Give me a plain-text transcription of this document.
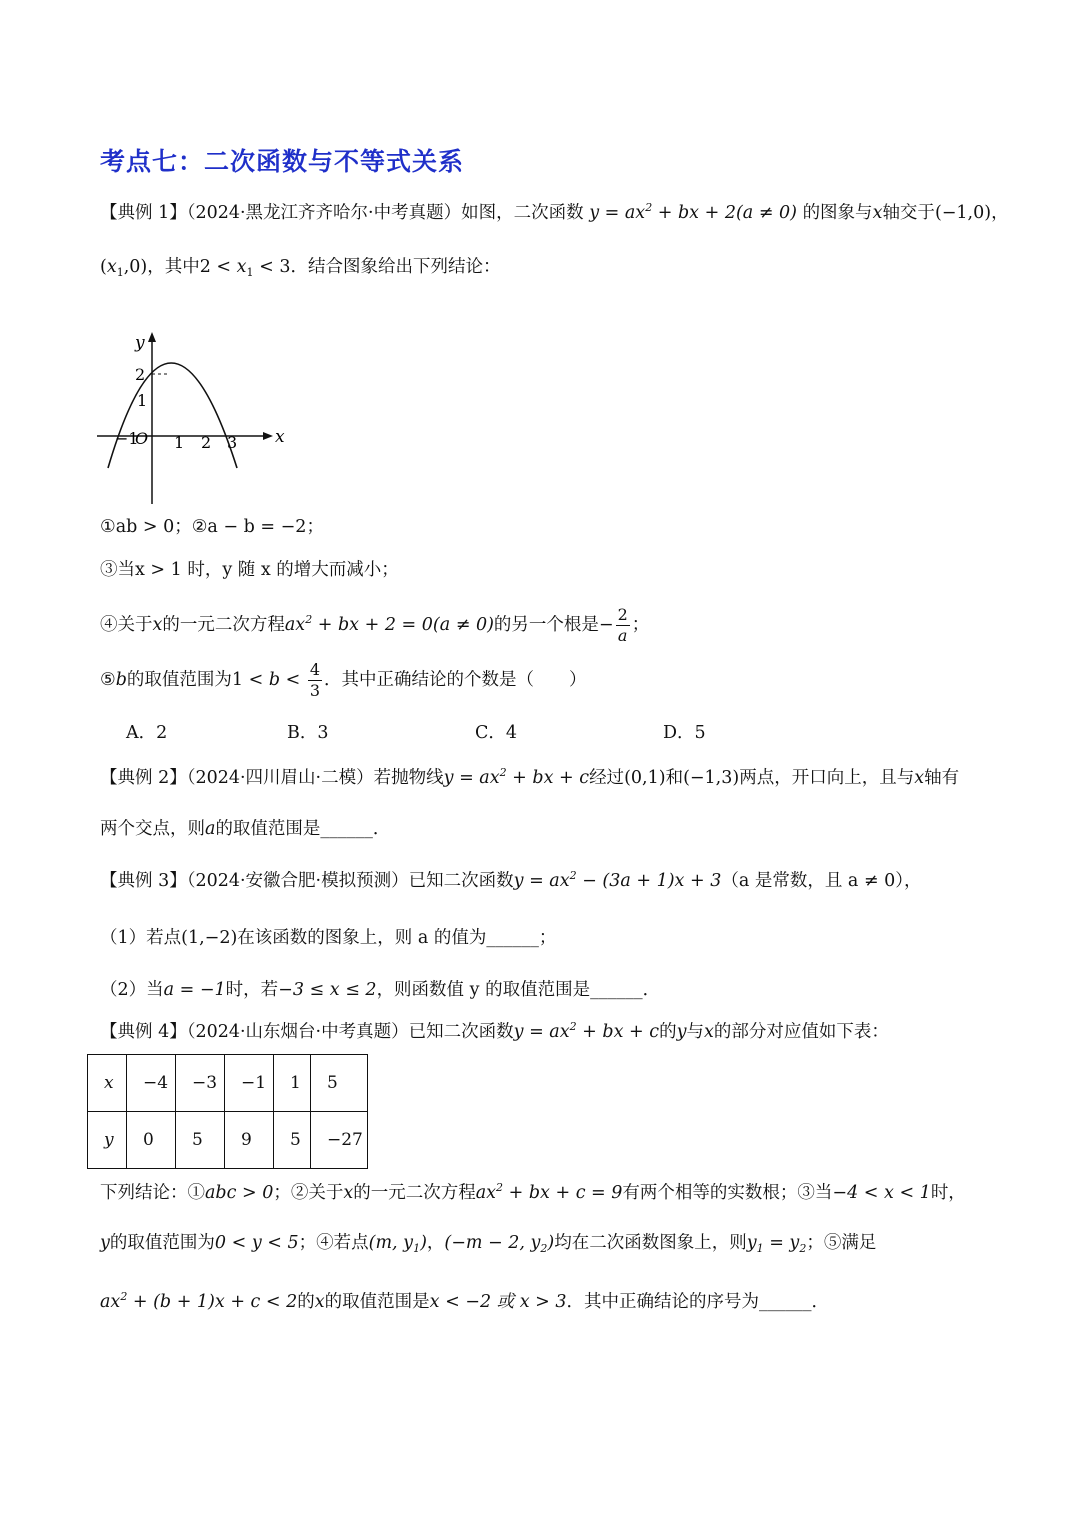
考点七：二次函数与不等式关系
【典例 1】（2024·黑龙江齐齐哈尔·中考真题）如图，二次函数 $y = ax^2$ + bx + 2(a ≠ 0) 的图象与x轴交于(−1,0)，
$(x_1,0)$，其中$2 < x_1 < 3$．结合图象给出下列结论：
y
x
2
1
−1
O 1 2 3
①ab > 0；②a − b = −2；
③当x > 1 时，y 随 x 的增大而减小；
④关于x的一元二次方程$ax^2$ + bx + 2 = 0(a ≠ 0)的另一个根是− $\frac{2}{a}$ ；
⑤b的取值范围为$1 < b < \frac{4}{3}$ ．其中正确结论的个数是（　　）
A．2	B．3	C．4	D．5
【典例 2】（2024·四川眉山·二模）若抛物线$y = ax^2$ + bx + c经过(0,1)和(−1,3)两点，开口向上，且与x轴有
两个交点，则a的取值范围是______．
【典例 3】（2024·安徽合肥·模拟预测）已知二次函数$y = ax^2 - (3a + 1)x + 3(a$ 是常数，且 a ≠ 0），
（1）若点(1,−2)在该函数的图象上，则 a 的值为______；
（2）当a = −1时，若−3 ≤ x ≤ 2，则函数值 y 的取值范围是______．
【典例 4】（2024·山东烟台·中考真题）已知二次函数$y = ax^2$ + bx + c的y与x的部分对应值如下表：
x	−4	−3	−1	1	5
y	0	5	9	5	−27
下列结论：①abc > 0；②关于x的一元二次方程$ax^2$ + bx + c = 9有两个相等的实数根；③当−4 < x < 1时，
y的取值范围为0 < y < 5；④若点(m, $y_1$)，(−m − 2, $y_2$)均在二次函数图象上，则$y_1 = y_2$；⑤满足
$ax^2 + (b + 1)x + c < 2$的x的取值范围是x < −2 或 x > 3．其中正确结论的序号为______．
